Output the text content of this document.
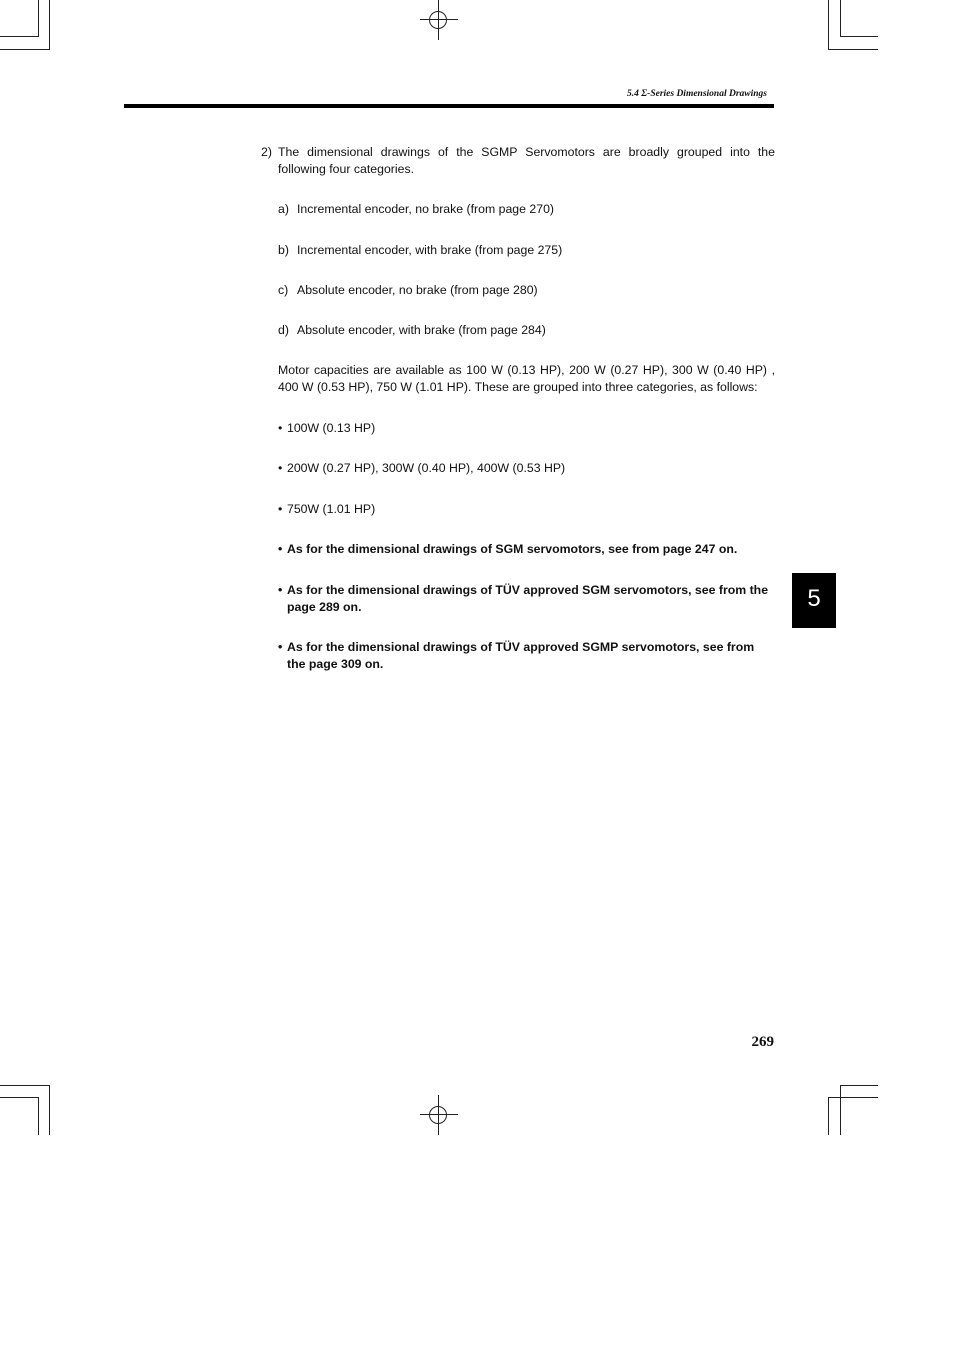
5.4 Σ-Series Dimensional Drawings
2) The dimensional drawings of the SGMP Servomotors are broadly grouped into the following four categories.
a) Incremental encoder, no brake (from page 270)
b) Incremental encoder, with brake (from page 275)
c) Absolute encoder, no brake (from page 280)
d) Absolute encoder, with brake (from page 284)
Motor capacities are available as 100 W (0.13 HP), 200 W (0.27 HP), 300 W (0.40 HP) , 400 W (0.53 HP), 750 W (1.01 HP). These are grouped into three categories, as follows:
• 100W (0.13 HP)
• 200W (0.27 HP), 300W (0.40 HP), 400W (0.53 HP)
• 750W (1.01 HP)
• As for the dimensional drawings of SGM servomotors, see from page 247 on.
• As for the dimensional drawings of TÜV approved SGM servomotors, see from the page 289 on.
• As for the dimensional drawings of TÜV approved SGMP servomotors, see from the page 309 on.
5
269
